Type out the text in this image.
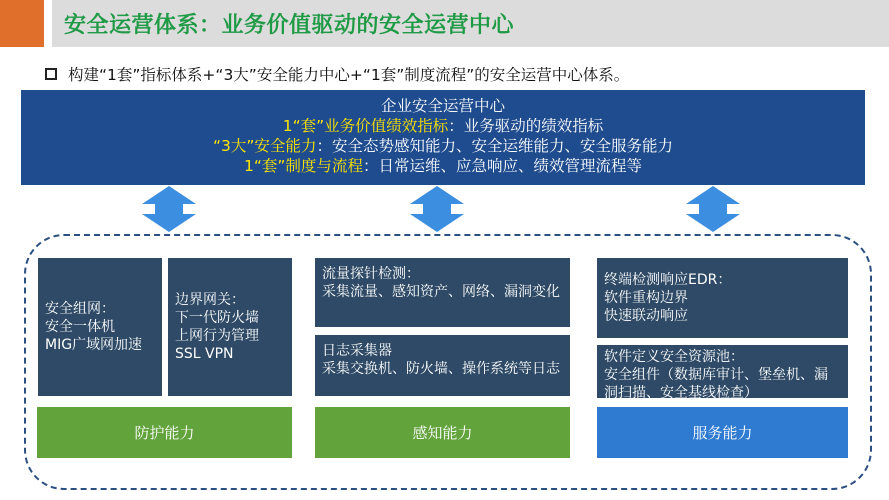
安全运营体系：业务价值驱动的安全运营中心
构建“1套”指标体系+“3大”安全能力中心+“1套”制度流程”的安全运营中心体系。
企业安全运营中心
1“套”业务价值绩效指标：业务驱动的绩效指标
“3大”安全能力：安全态势感知能力、安全运维能力、安全服务能力
1“套”制度与流程：日常运维、应急响应、绩效管理流程等
安全组网：
安全一体机
MIG广域网加速
边界网关：
下一代防火墙
上网行为管理
SSL VPN
防护能力
流量探针检测：
采集流量、感知资产、网络、漏洞变化
日志采集器
采集交换机、防火墙、操作系统等日志
感知能力
终端检测响应EDR：
软件重构边界
快速联动响应
软件定义安全资源池：
安全组件（数据库审计、堡垒机、漏洞扫描、安全基线检查）
服务能力
